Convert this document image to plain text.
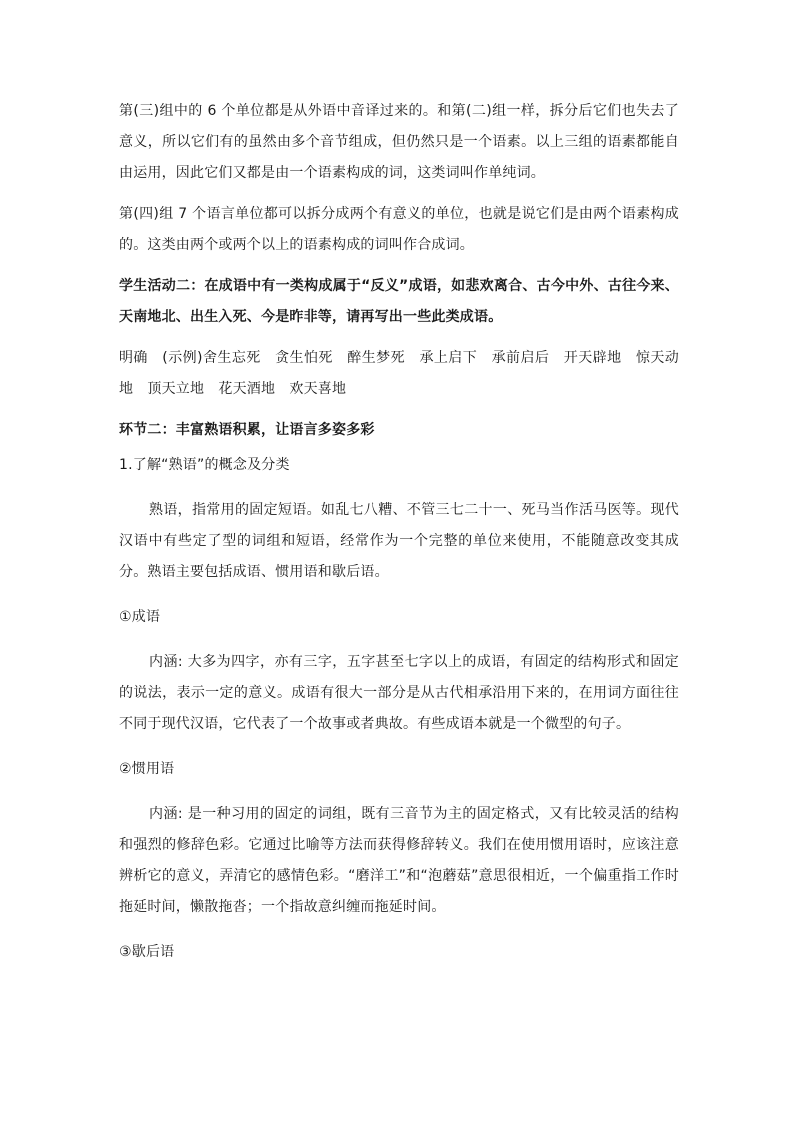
第(三)组中的 6 个单位都是从外语中音译过来的。和第(二)组一样，拆分后它们也失去了意义，所以它们有的虽然由多个音节组成，但仍然只是一个语素。以上三组的语素都能自由运用，因此它们又都是由一个语素构成的词，这类词叫作单纯词。

第(四)组 7 个语言单位都可以拆分成两个有意义的单位，也就是说它们是由两个语素构成的。这类由两个或两个以上的语素构成的词叫作合成词。

学生活动二：在成语中有一类构成属于“反义”成语，如悲欢离合、古今中外、古往今来、天南地北、出生入死、今是昨非等，请再写出一些此类成语。

明确　(示例)舍生忘死　贪生怕死　醉生梦死　承上启下　承前启后　开天辟地　惊天动地　顶天立地　花天酒地　欢天喜地

环节二：丰富熟语积累，让语言多姿多彩

1.了解“熟语”的概念及分类

熟语，指常用的固定短语。如乱七八糟、不管三七二十一、死马当作活马医等。现代汉语中有些定了型的词组和短语，经常作为一个完整的单位来使用，不能随意改变其成分。熟语主要包括成语、惯用语和歇后语。

①成语

内涵: 大多为四字，亦有三字，五字甚至七字以上的成语，有固定的结构形式和固定的说法，表示一定的意义。成语有很大一部分是从古代相承沿用下来的，在用词方面往往不同于现代汉语，它代表了一个故事或者典故。有些成语本就是一个微型的句子。

②惯用语

内涵: 是一种习用的固定的词组，既有三音节为主的固定格式，又有比较灵活的结构和强烈的修辞色彩。它通过比喻等方法而获得修辞转义。我们在使用惯用语时，应该注意辨析它的意义，弄清它的感情色彩。“磨洋工”和“泡蘑菇”意思很相近，一个偏重指工作时拖延时间，懒散拖沓；一个指故意纠缠而拖延时间。

③歇后语
